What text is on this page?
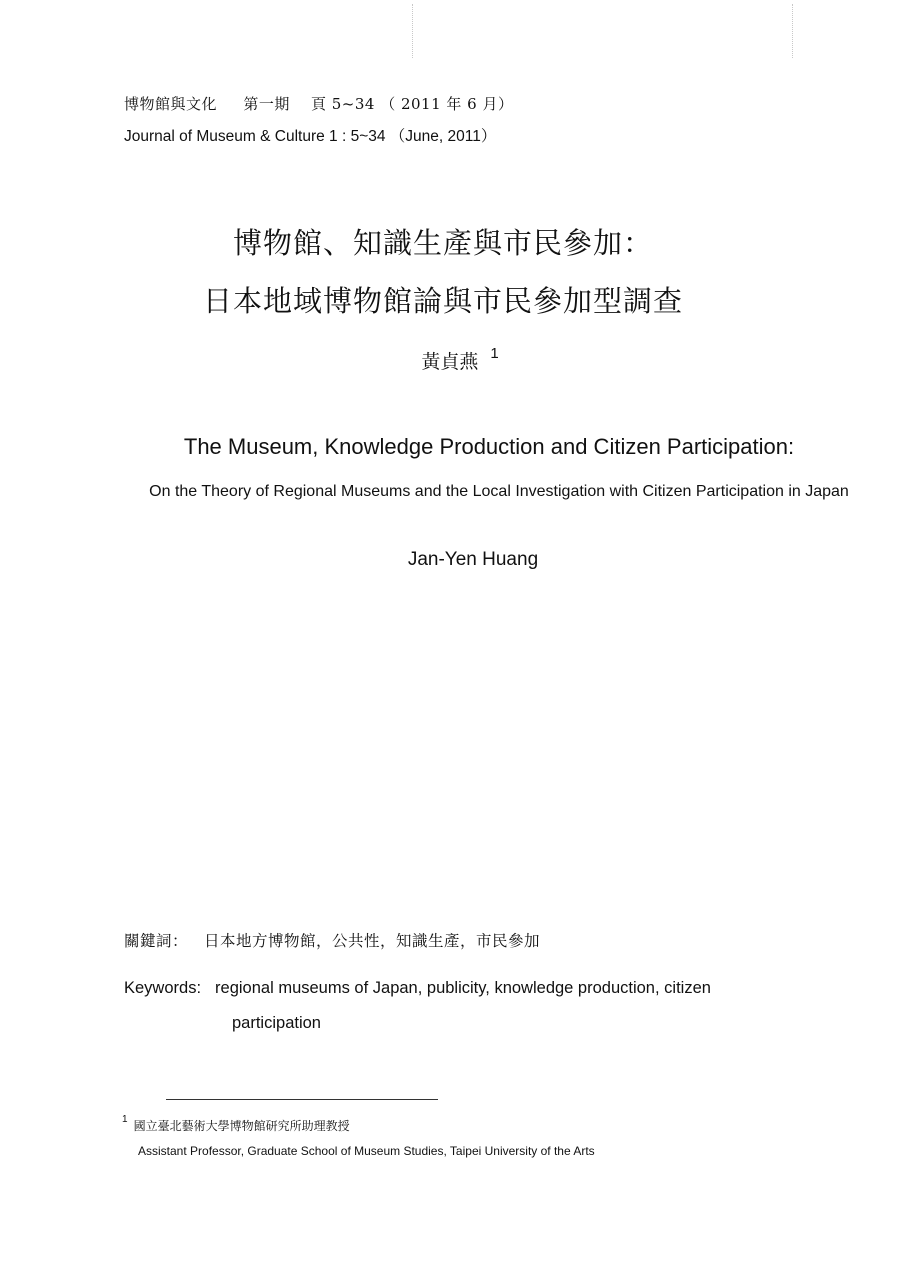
博物館與文化 第一期 頁 5~34 （ 2011 年 6 月）
Journal of Museum & Culture 1 : 5~34 （June, 2011）
博物館、知識生產與市民參加：
日本地域博物館論與市民參加型調查
黃貞燕 $^1$
The Museum, Knowledge Production and Citizen Participation:
On the Theory of Regional Museums and the Local Investigation with Citizen Participation in Japan
Jan-Yen Huang
關鍵詞： 日本地方博物館，公共性，知識生產，市民參加
Keywords: regional museums of Japan, publicity, knowledge production, citizen
participation
$^1$ 國立臺北藝術大學博物館研究所助理教授
Assistant Professor, Graduate School of Museum Studies, Taipei University of the Arts
